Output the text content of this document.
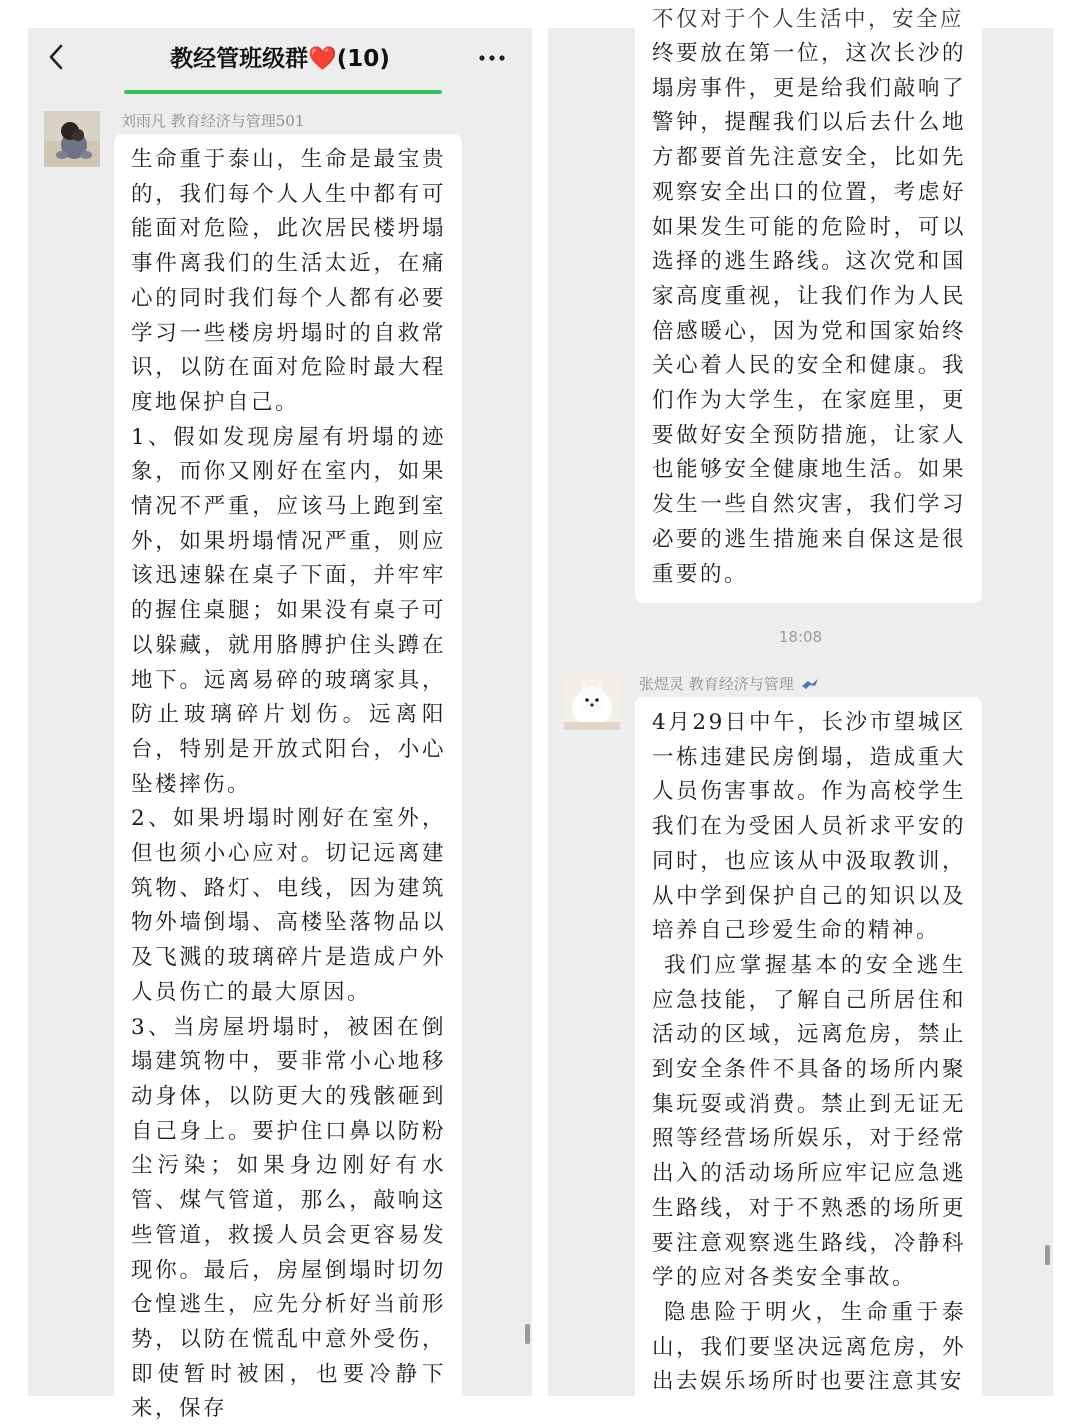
教经管班级群❤️(10)
刘雨凡 教育经济与管理501

生命重于泰山，生命是最宝贵的，我们每个人人生中都有可能面对危险，此次居民楼坍塌事件离我们的生活太近，在痛心的同时我们每个人都有必要学习一些楼房坍塌时的自救常识，以防在面对危险时最大程度地保护自己。

1、假如发现房屋有坍塌的迹象，而你又刚好在室内，如果情况不严重，应该马上跑到室外，如果坍塌情况严重，则应该迅速躲在桌子下面，并牢牢的握住桌腿；如果没有桌子可以躲藏，就用胳膊护住头蹲在地下。远离易碎的玻璃家具，防止玻璃碎片划伤。远离阳台，特别是开放式阳台，小心坠楼摔伤。

2、如果坍塌时刚好在室外，但也须小心应对。切记远离建筑物、路灯、电线，因为建筑物外墙倒塌、高楼坠落物品以及飞溅的玻璃碎片是造成户外人员伤亡的最大原因。

3、当房屋坍塌时，被困在倒塌建筑物中，要非常小心地移动身体，以防更大的残骸砸到自己身上。要护住口鼻以防粉尘污染；如果身边刚好有水管、煤气管道，那么，敲响这些管道，救援人员会更容易发现你。最后，房屋倒塌时切勿仓惶逃生，应先分析好当前形势，以防在慌乱中意外受伤，即使暂时被困，也要冷静下来，保存

不仅对于个人生活中，安全应

终要放在第一位，这次长沙的塌房事件，更是给我们敲响了警钟，提醒我们以后去什么地方都要首先注意安全，比如先观察安全出口的位置，考虑好如果发生可能的危险时，可以选择的逃生路线。这次党和国家高度重视，让我们作为人民倍感暖心，因为党和国家始终关心着人民的安全和健康。我们作为大学生，在家庭里，更要做好安全预防措施，让家人也能够安全健康地生活。如果发生一些自然灾害，我们学习必要的逃生措施来自保这是很重要的。

18:08
张煜灵 教育经济与管理

4月29日中午，长沙市望城区一栋违建民房倒塌，造成重大人员伤害事故。作为高校学生我们在为受困人员祈求平安的同时，也应该从中汲取教训，从中学到保护自己的知识以及培养自己珍爱生命的精神。

我们应掌握基本的安全逃生应急技能，了解自己所居住和活动的区域，远离危房，禁止到安全条件不具备的场所内聚集玩耍或消费。禁止到无证无照等经营场所娱乐，对于经常出入的活动场所应牢记应急逃生路线，对于不熟悉的场所更要注意观察逃生路线，冷静科学的应对各类安全事故。

隐患险于明火，生命重于泰山，我们要坚决远离危房，外出去娱乐场所时也要注意其安
